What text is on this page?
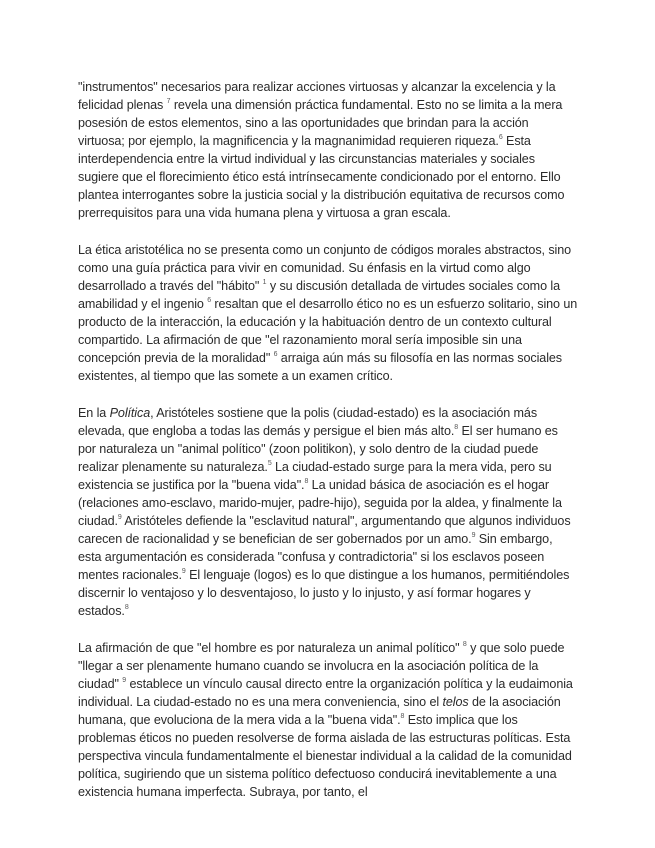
"instrumentos" necesarios para realizar acciones virtuosas y alcanzar la excelencia y la felicidad plenas $^7$ revela una dimensión práctica fundamental. Esto no se limita a la mera posesión de estos elementos, sino a las oportunidades que brindan para la acción virtuosa; por ejemplo, la magnificencia y la magnanimidad requieren riqueza.$^6$ Esta interdependencia entre la virtud individual y las circunstancias materiales y sociales sugiere que el florecimiento ético está intrínsecamente condicionado por el entorno. Ello plantea interrogantes sobre la justicia social y la distribución equitativa de recursos como prerrequisitos para una vida humana plena y virtuosa a gran escala.

La ética aristotélica no se presenta como un conjunto de códigos morales abstractos, sino como una guía práctica para vivir en comunidad. Su énfasis en la virtud como algo desarrollado a través del "hábito" $^1$ y su discusión detallada de virtudes sociales como la amabilidad y el ingenio $^6$ resaltan que el desarrollo ético no es un esfuerzo solitario, sino un producto de la interacción, la educación y la habituación dentro de un contexto cultural compartido. La afirmación de que "el razonamiento moral sería imposible sin una concepción previa de la moralidad" $^6$ arraiga aún más su filosofía en las normas sociales existentes, al tiempo que las somete a un examen crítico.

En la Política, Aristóteles sostiene que la polis (ciudad-estado) es la asociación más elevada, que engloba a todas las demás y persigue el bien más alto.$^8$ El ser humano es por naturaleza un "animal político" (zoon politikon), y solo dentro de la ciudad puede realizar plenamente su naturaleza.$^5$ La ciudad-estado surge para la mera vida, pero su existencia se justifica por la "buena vida".$^8$ La unidad básica de asociación es el hogar (relaciones amo-esclavo, marido-mujer, padre-hijo), seguida por la aldea, y finalmente la ciudad.$^9$ Aristóteles defiende la "esclavitud natural", argumentando que algunos individuos carecen de racionalidad y se benefician de ser gobernados por un amo.$^9$ Sin embargo, esta argumentación es considerada "confusa y contradictoria" si los esclavos poseen mentes racionales.$^9$ El lenguaje (logos) es lo que distingue a los humanos, permitiéndoles discernir lo ventajoso y lo desventajoso, lo justo y lo injusto, y así formar hogares y estados.$^8$

La afirmación de que "el hombre es por naturaleza un animal político" $^8$ y que solo puede "llegar a ser plenamente humano cuando se involucra en la asociación política de la ciudad" $^9$ establece un vínculo causal directo entre la organización política y la eudaimonia individual. La ciudad-estado no es una mera conveniencia, sino el telos de la asociación humana, que evoluciona de la mera vida a la "buena vida".$^8$ Esto implica que los problemas éticos no pueden resolverse de forma aislada de las estructuras políticas. Esta perspectiva vincula fundamentalmente el bienestar individual a la calidad de la comunidad política, sugiriendo que un sistema político defectuoso conducirá inevitablemente a una existencia humana imperfecta. Subraya, por tanto, el
